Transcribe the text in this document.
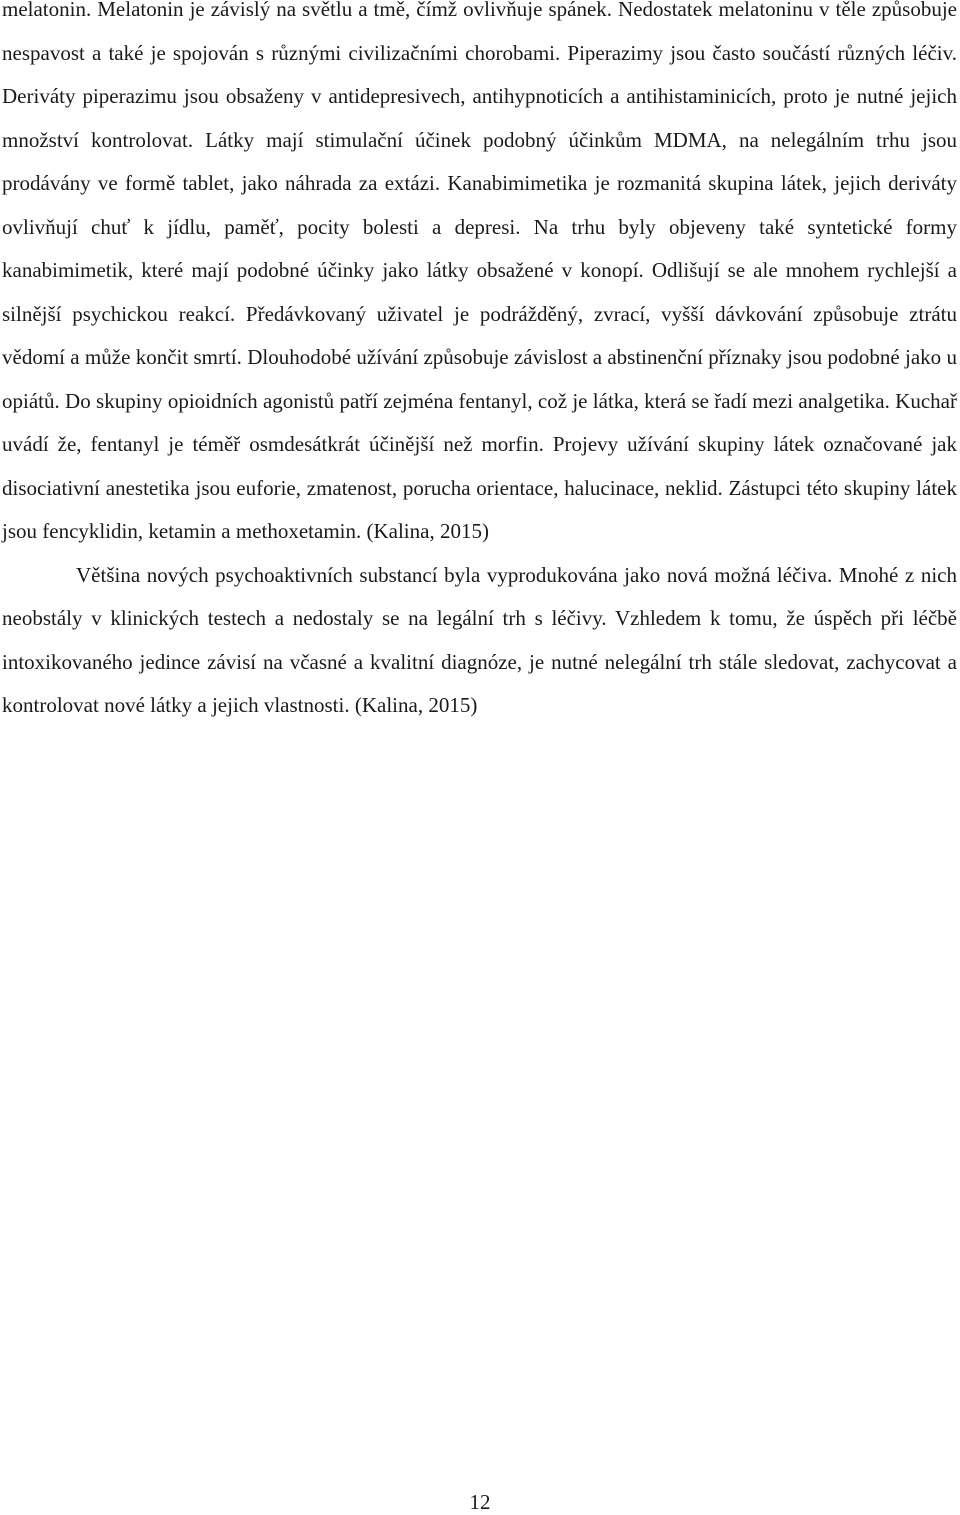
melatonin. Melatonin je závislý na světlu a tmě, čímž ovlivňuje spánek. Nedostatek melatoninu v těle způsobuje nespavost a také je spojován s různými civilizačními chorobami. Piperazimy jsou často součástí různých léčiv. Deriváty piperazimu jsou obsaženy v antidepresivech, antihypnoticích a antihistaminicích, proto je nutné jejich množství kontrolovat. Látky mají stimulační účinek podobný účinkům MDMA, na nelegálním trhu jsou prodávány ve formě tablet, jako náhrada za extázi. Kanabimimetika je rozmanitá skupina látek, jejich deriváty ovlivňují chuť k jídlu, paměť, pocity bolesti a depresi. Na trhu byly objeveny také syntetické formy kanabimimetik, které mají podobné účinky jako látky obsažené v konopí. Odlišují se ale mnohem rychlejší a silnější psychickou reakcí. Předávkovaný uživatel je podrážděný, zvrací, vyšší dávkování způsobuje ztrátu vědomí a může končit smrtí. Dlouhodobé užívání způsobuje závislost a abstinenční příznaky jsou podobné jako u opiátů. Do skupiny opioidních agonistů patří zejména fentanyl, což je látka, která se řadí mezi analgetika. Kuchař uvádí že, fentanyl je téměř osmdesátkrát účinější než morfin. Projevy užívání skupiny látek označované jak disociativní anestetika jsou euforie, zmatenost, porucha orientace, halucinace, neklid. Zástupci této skupiny látek jsou fencyklidin, ketamin a methoxetamin. (Kalina, 2015)

Většina nových psychoaktivních substancí byla vyprodukována jako nová možná léčiva. Mnohé z nich neobstály v klinických testech a nedostaly se na legální trh s léčivy. Vzhledem k tomu, že úspěch při léčbě intoxikovaného jedince závisí na včasné a kvalitní diagnóze, je nutné nelegální trh stále sledovat, zachycovat a kontrolovat nové látky a jejich vlastnosti. (Kalina, 2015)

12
